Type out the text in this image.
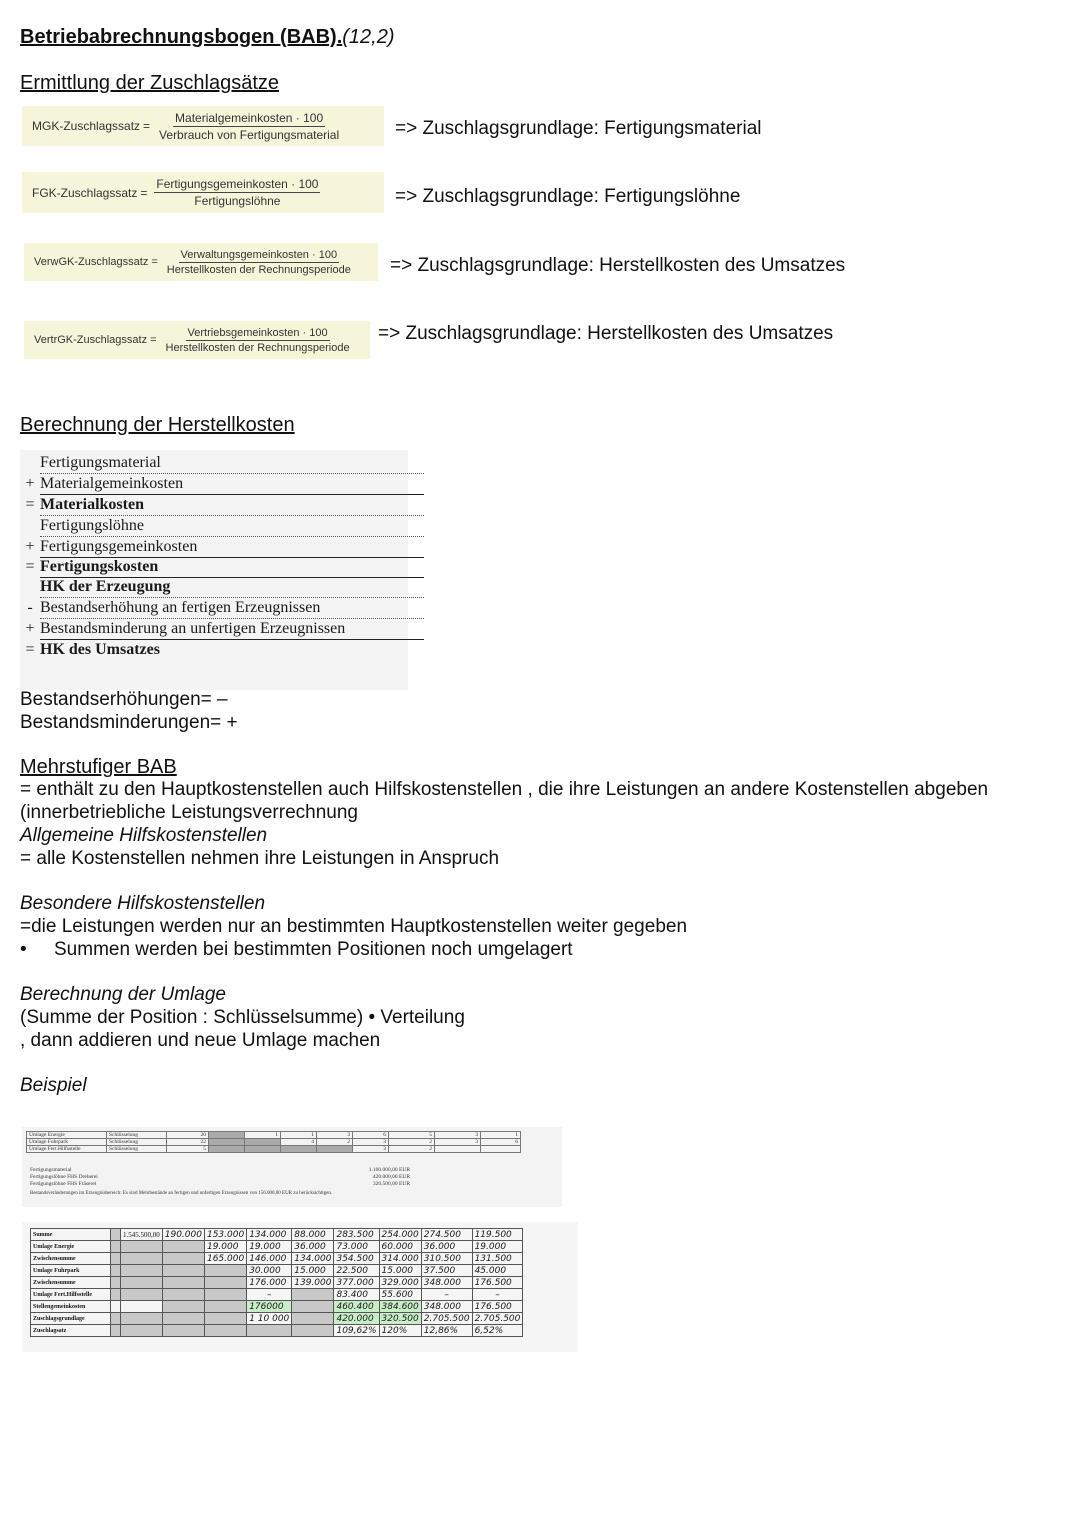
Betriebabrechnungsbogen (BAB).(12,2)
Ermittlung der Zuschlagsätze
MGK-Zuschlagssatz = $\frac{\text{Materialgemeinkosten · 100}}{\text{Verbrauch von Fertigungsmaterial}}$	=> Zuschlagsgrundlage: Fertigungsmaterial
FGK-Zuschlagssatz = $\frac{\text{Fertigungsgemeinkosten · 100}}{\text{Fertigungslöhne}}$	=> Zuschlagsgrundlage: Fertigungslöhne
VerwGK-Zuschlagssatz = $\frac{\text{Verwaltungsgemeinkosten · 100}}{\text{Herstellkosten der Rechnungsperiode}}$ => Zuschlagsgrundlage: Herstellkosten des Umsatzes
VertrGK-Zuschlagssatz = $\frac{\text{Vertriebsgemeinkosten · 100}}{\text{Herstellkosten der Rechnungsperiode}}$ => Zuschlagsgrundlage: Herstellkosten des Umsatzes
Berechnung der Herstellkosten
Fertigungsmaterial
+ Materialgemeinkosten
= Materialkosten
Fertigungslöhne
+ Fertigungsgemeinkosten
= Fertigungskosten
HK der Erzeugung
- Bestandserhöhung an fertigen Erzeugnissen
+ Bestandsminderung an unfertigen Erzeugnissen
= HK des Umsatzes
Bestandserhöhungen= –
Bestandsminderungen= +
Mehrstufiger BAB
= enthält zu den Hauptkostenstellen auch Hilfskostenstellen , die ihre Leistungen an andere Kostenstellen abgeben
(innerbetriebliche Leistungsverrechnung
Allgemeine Hilfskostenstellen
= alle Kostenstellen nehmen ihre Leistungen in Anspruch
Besondere Hilfskostenstellen
=die Leistungen werden nur an bestimmten Hauptkostenstellen weiter gegeben
• Summen werden bei bestimmten Positionen noch umgelagert
Berechnung der Umlage
(Summe der Position : Schlüsselsumme) • Verteilung
, dann addieren und neue Umlage machen
Beispiel
Umlage Energie	Schlüsselung	20		1	1	3	6	5	3	1
Umlage Fuhrpark	Schlüsselung	22			4	2	3	2	3	6
Umlage Fert.Hilfsstelle	Schlüsselung	5					3	2		
Fertigungsmaterial	1.100.000,00 EUR
Fertigungslöhne FHS Dreherei	420.000,00 EUR
Fertigungslöhne FHS Fräserei	320.500,00 EUR
Bestandsveränderungen im Erzeugnisbereich: Es sind Mehrbestände an fertigen und unfertigen Erzeugnissen von 156.000,00 EUR zu berücksichtigen.
Summe		1.545.500,00	190.000	153.000	134.000	88.000	283.500	254.000	274.500	119.500
Umlage Energie				19.000	19.000	36.000	73.000	60.000	36.000	19.000
Zwischensumme				165.000	146.000	134.000	354.500	314.000	310.500	131.500
Umlage Fuhrpark					30.000	15.000	22.500	15.000	37.500	45.000
Zwischensumme					176.000	139.000	377.000	329.000	348.000	176.500
Umlage Fert.Hilfsstelle					–		83.400	55.600	–	–
Stellengemeinkosten					176000		460.400	384.600	348.000	176.500
Zuschlagsgrundlage					1 10 000		420.000	320.500	2.705.500	2.705.500
Zuschlagsatz							109,62%	120%	12,86%	6,52%
